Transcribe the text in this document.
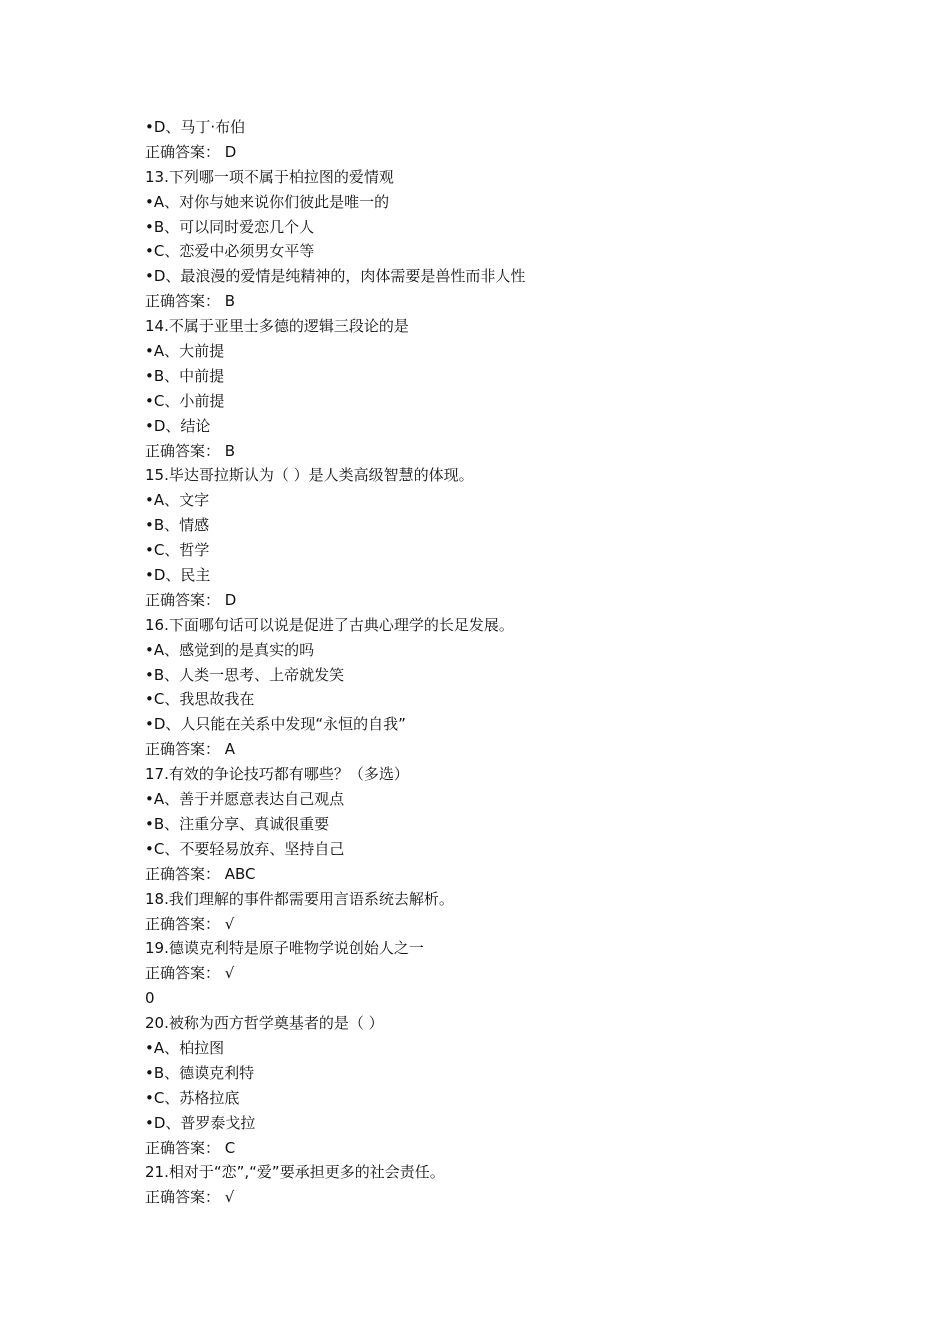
•D、马丁·布伯
正确答案： D
13.下列哪一项不属于柏拉图的爱情观
•A、对你与她来说你们彼此是唯一的
•B、可以同时爱恋几个人
•C、恋爱中必须男女平等
•D、最浪漫的爱情是纯精神的，肉体需要是兽性而非人性
正确答案： B
14.不属于亚里士多德的逻辑三段论的是
•A、大前提
•B、中前提
•C、小前提
•D、结论
正确答案： B
15.毕达哥拉斯认为（ ）是人类高级智慧的体现。
•A、文字
•B、情感
•C、哲学
•D、民主
正确答案： D
16.下面哪句话可以说是促进了古典心理学的长足发展。
•A、感觉到的是真实的吗
•B、人类一思考、上帝就发笑
•C、我思故我在
•D、人只能在关系中发现“永恒的自我”
正确答案： A
17.有效的争论技巧都有哪些？（多选）
•A、善于并愿意表达自己观点
•B、注重分享、真诚很重要
•C、不要轻易放弃、坚持自己
正确答案： ABC
18.我们理解的事件都需要用言语系统去解析。
正确答案： √
19.德谟克利特是原子唯物学说创始人之一
正确答案： √
0
20.被称为西方哲学奠基者的是（ ）
•A、柏拉图
•B、德谟克利特
•C、苏格拉底
•D、普罗泰戈拉
正确答案： C
21.相对于“恋”,“爱”要承担更多的社会责任。
正确答案： √
